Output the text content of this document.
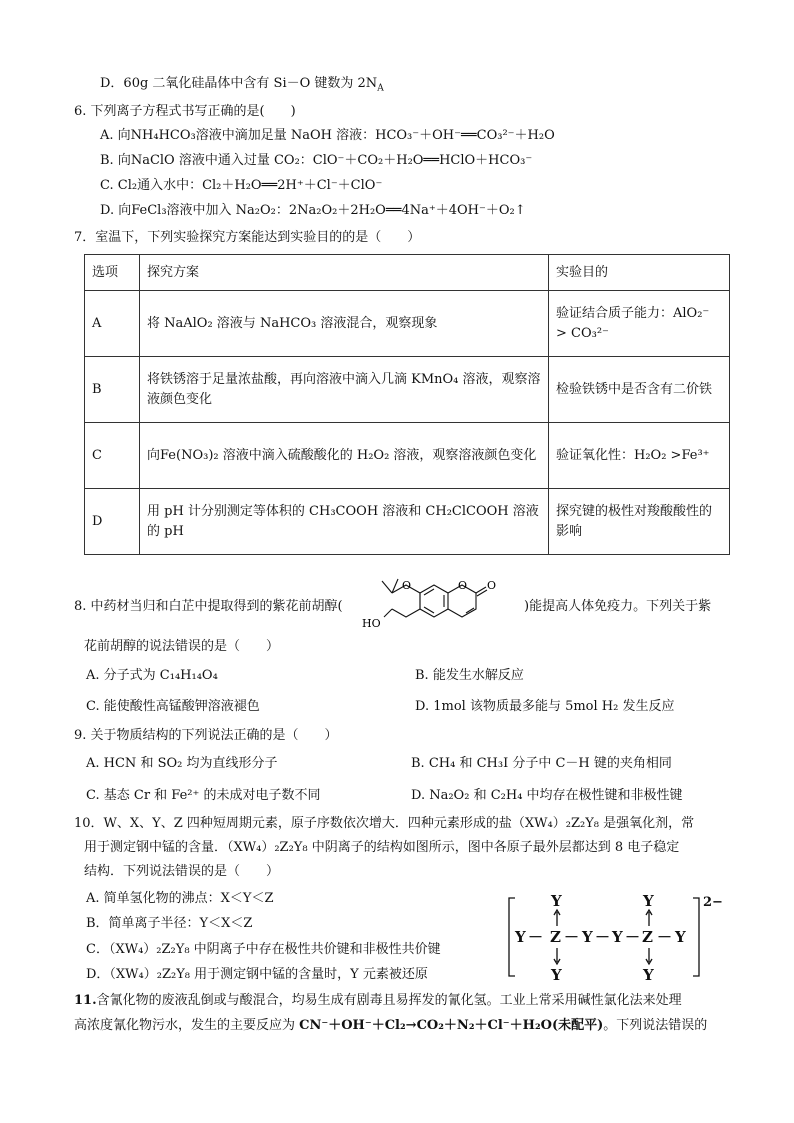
D．60g 二氧化硅晶体中含有 Si－O 键数为 $2N_A$
6. 下列离子方程式书写正确的是(　　)
A. 向NH₄HCO₃溶液中滴加足量 NaOH 溶液：HCO₃⁻＋OH⁻══CO₃²⁻＋H₂O
B. 向NaClO 溶液中通入过量 CO₂：ClO⁻＋CO₂＋H₂O══HClO＋HCO₃⁻
C. Cl₂通入水中：Cl₂＋H₂O══2H⁺＋Cl⁻＋ClO⁻
D. 向FeCl₃溶液中加入 Na₂O₂：2Na₂O₂＋2H₂O══4Na⁺＋4OH⁻＋O₂↑
7．室温下，下列实验探究方案能达到实验目的的是（　　）
选项	探究方案	实验目的
A	将 NaAlO₂ 溶液与 NaHCO₃ 溶液混合，观察现象	验证结合质子能力：AlO₂⁻ > CO₃²⁻
B	将铁锈溶于足量浓盐酸，再向溶液中滴入几滴 KMnO₄ 溶液，观察溶液颜色变化	检验铁锈中是否含有二价铁
C	向Fe(NO₃)₂ 溶液中滴入硫酸酸化的 H₂O₂ 溶液，观察溶液颜色变化	验证氧化性：H₂O₂ >Fe³⁺
D	用 pH 计分别测定等体积的 CH₃COOH 溶液和 CH₂ClCOOH 溶液的 pH	探究键的极性对羧酸酸性的影响
8. 中药材当归和白芷中提取得到的紫花前胡醇(	)能提高人体免疫力。下列关于紫
O	O O
HO
花前胡醇的说法错误的是（　　）
A. 分子式为 C₁₄H₁₄O₄	B. 能发生水解反应
C. 能使酸性高锰酸钾溶液褪色	D. 1mol 该物质最多能与 5mol H₂ 发生反应
9. 关于物质结构的下列说法正确的是（　　）
A. HCN 和 SO₂ 均为直线形分子	B. CH₄ 和 CH₃I 分子中 C－H 键的夹角相同
C. 基态 Cr 和 Fe²⁺ 的未成对电子数不同	D. Na₂O₂ 和 C₂H₄ 中均存在极性键和非极性键
10．W、X、Y、Z 四种短周期元素，原子序数依次增大．四种元素形成的盐（XW₄）₂Z₂Y₈ 是强氧化剂，常
用于测定钢中锰的含量．（XW₄）₂Z₂Y₈ 中阴离子的结构如图所示，图中各原子最外层都达到 8 电子稳定
结构．下列说法错误的是（　　）
A. 简单氢化物的沸点：X＜Y＜Z
B．简单离子半径：Y＜X＜Z
C．（XW₄）₂Z₂Y₈ 中阴离子中存在极性共价键和非极性共价键
D．（XW₄）₂Z₂Y₈ 用于测定钢中锰的含量时，Y 元素被还原
Y	Y
Y － Z － Y － Y － Z － Y
Y	Y
2−
11.含氰化物的废液乱倒或与酸混合，均易生成有剧毒且易挥发的氰化氢。工业上常采用碱性氯化法来处理
高浓度氰化物污水，发生的主要反应为 CN⁻＋OH⁻＋Cl₂→CO₂＋N₂＋Cl⁻＋H₂O(未配平)。下列说法错误的
